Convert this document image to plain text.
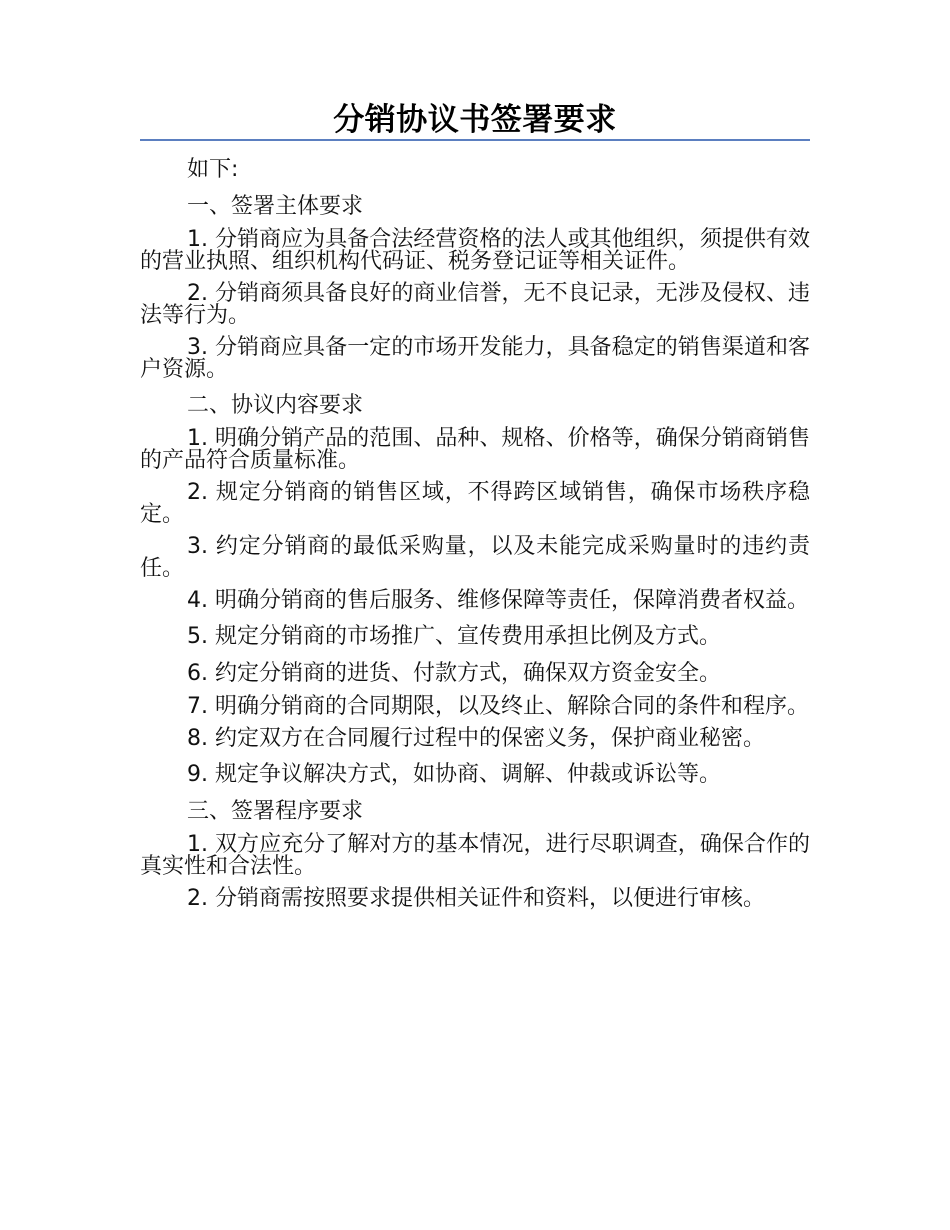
分销协议书签署要求

如下:

一、签署主体要求

1. 分销商应为具备合法经营资格的法人或其他组织，须提供有效的营业执照、组织机构代码证、税务登记证等相关证件。

2. 分销商须具备良好的商业信誉，无不良记录，无涉及侵权、违法等行为。

3. 分销商应具备一定的市场开发能力，具备稳定的销售渠道和客户资源。

二、协议内容要求

1. 明确分销产品的范围、品种、规格、价格等，确保分销商销售的产品符合质量标准。

2. 规定分销商的销售区域，不得跨区域销售，确保市场秩序稳定。

3. 约定分销商的最低采购量，以及未能完成采购量时的违约责任。

4. 明确分销商的售后服务、维修保障等责任，保障消费者权益。

5. 规定分销商的市场推广、宣传费用承担比例及方式。

6. 约定分销商的进货、付款方式，确保双方资金安全。

7. 明确分销商的合同期限，以及终止、解除合同的条件和程序。

8. 约定双方在合同履行过程中的保密义务，保护商业秘密。

9. 规定争议解决方式，如协商、调解、仲裁或诉讼等。

三、签署程序要求

1. 双方应充分了解对方的基本情况，进行尽职调查，确保合作的真实性和合法性。

2. 分销商需按照要求提供相关证件和资料，以便进行审核。
